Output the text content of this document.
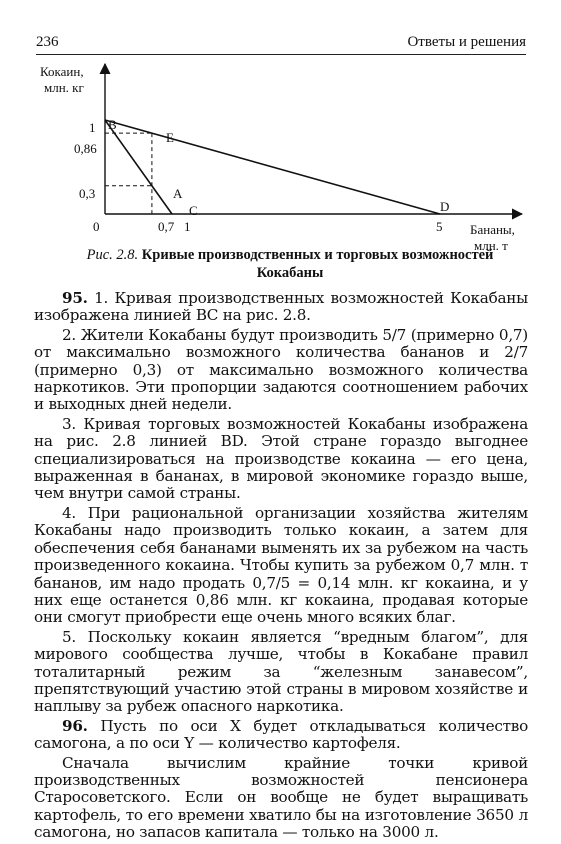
236	Ответы и решения
Кокаин,
млн. кг
Бананы,
млн. т
1
0,86
0,3
0	0,7 1	5
B
E
A
C	D
Рис. 2.8. Кривые производственных и торговых возможностей Кокабаны

95. 1. Кривая производственных возможностей Кокабаны изображена линией ВС на рис. 2.8.

2. Жители Кокабаны будут производить 5/7 (примерно 0,7) от максимально возможного количества бананов и 2/7 (примерно 0,3) от максимально возможного количества наркотиков. Эти пропорции задаются соотношением рабочих и выходных дней недели.

3. Кривая торговых возможностей Кокабаны изображена на рис. 2.8 линией BD. Этой стране гораздо выгоднее специализироваться на производстве кокаина — его цена, выраженная в бананах, в мировой экономике гораздо выше, чем внутри самой страны.

4. При рациональной организации хозяйства жителям Кокабаны надо производить только кокаин, а затем для обеспечения себя бананами выменять их за рубежом на часть произведенного кокаина. Чтобы купить за рубежом 0,7 млн. т бананов, им надо продать 0,7/5 = 0,14 млн. кг кокаина, и у них еще останется 0,86 млн. кг кокаина, продавая которые они смогут приобрести еще очень много всяких благ.

5. Поскольку кокаин является “вредным благом”, для мирового сообщества лучше, чтобы в Кокабане правил тоталитарный режим за “железным занавесом”, препятствующий участию этой страны в мировом хозяйстве и наплыву за рубеж опасного наркотика.

96. Пусть по оси X будет откладываться количество самогона, а по оси Y — количество картофеля.

Сначала вычислим крайние точки кривой производственных возможностей пенсионера Старосоветского. Если он вообще не будет выращивать картофель, то его времени хватило бы на изготовление 3650 л самогона, но запасов капитала — только на 3000 л.
